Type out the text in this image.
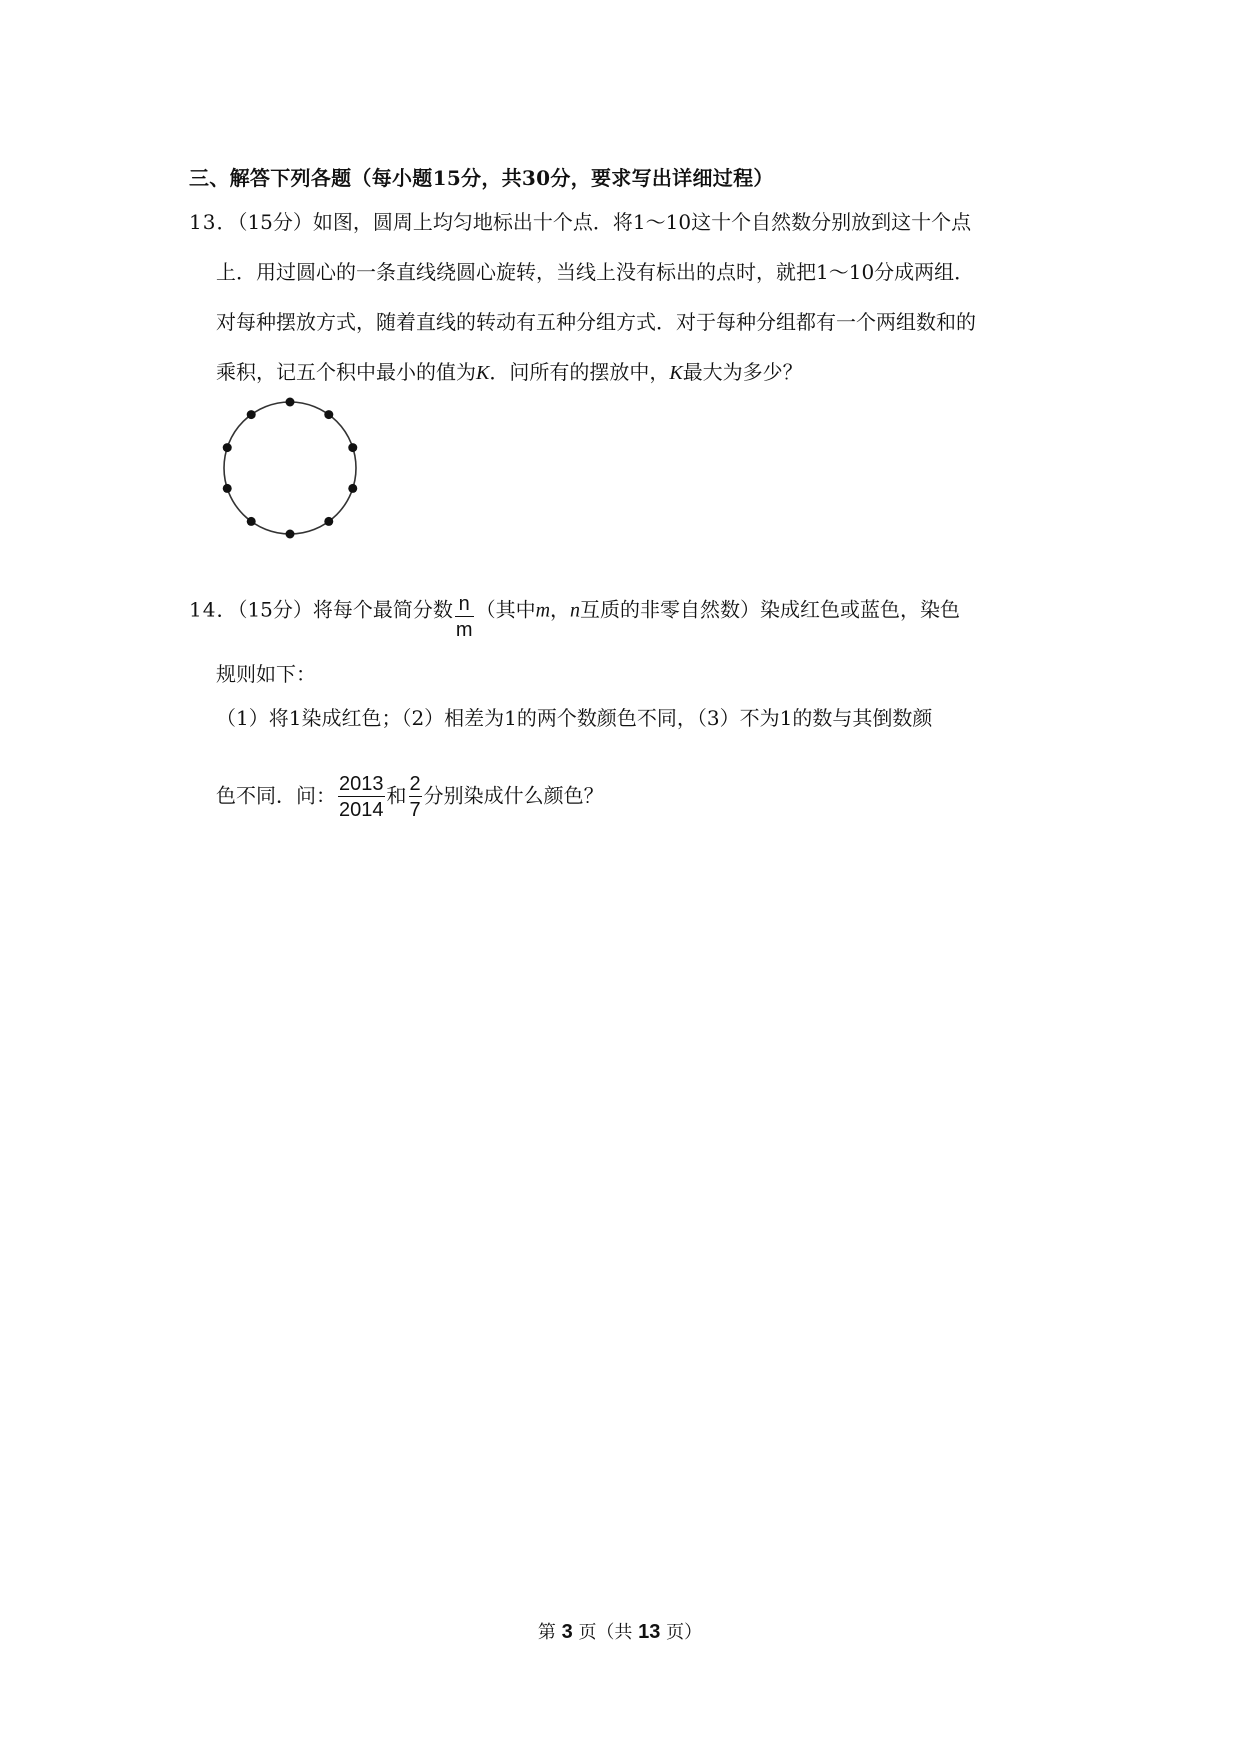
三、解答下列各题（每小题15分，共30分，要求写出详细过程）
13．（15分）如图，圆周上均匀地标出十个点．将1～10这十个自然数分别放到这十个点
上．用过圆心的一条直线绕圆心旋转，当线上没有标出的点时，就把1～10分成两组．
对每种摆放方式，随着直线的转动有五种分组方式．对于每种分组都有一个两组数和的
乘积，记五个积中最小的值为K．问所有的摆放中，K最大为多少？
14．（15分）将每个最简分数 $\frac{n}{m}$ （其中m，n互质的非零自然数）染成红色或蓝色，染色
规则如下：
（1）将1染成红色；（2）相差为1的两个数颜色不同，（3）不为1的数与其倒数颜
色不同．问： $\frac{2013}{2014}$ 和 $\frac{2}{7}$ 分别染成什么颜色？
第 3 页（共 13 页）
